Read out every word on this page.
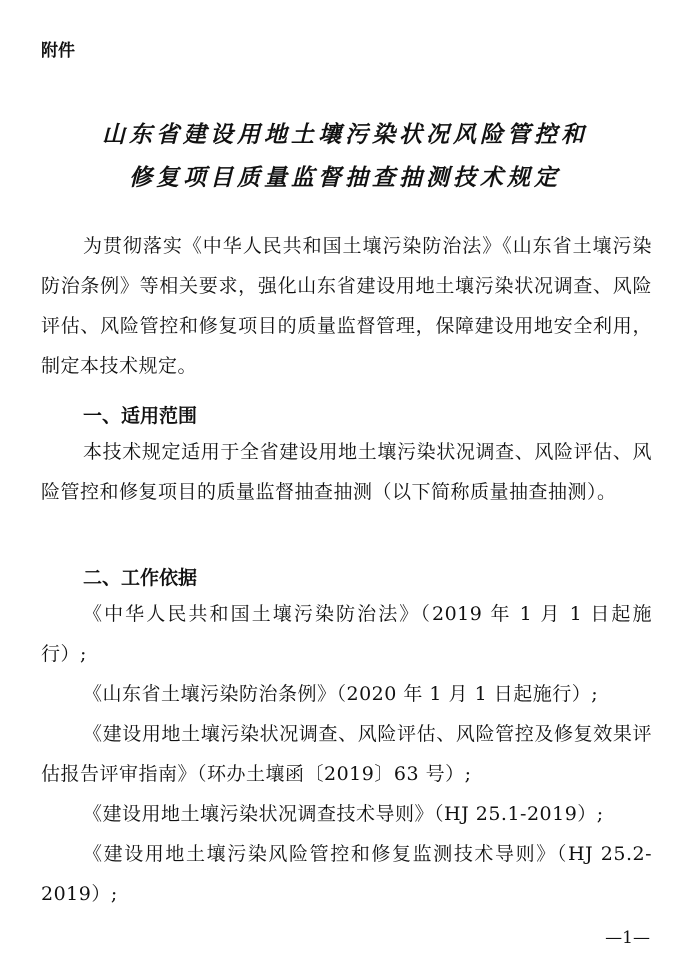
附件
山东省建设用地土壤污染状况风险管控和
修复项目质量监督抽查抽测技术规定

为贯彻落实《中华人民共和国土壤污染防治法》《山东省土壤污染防治条例》等相关要求，强化山东省建设用地土壤污染状况调查、风险评估、风险管控和修复项目的质量监督管理，保障建设用地安全利用，制定本技术规定。

一、适用范围

本技术规定适用于全省建设用地土壤污染状况调查、风险评估、风险管控和修复项目的质量监督抽查抽测（以下简称质量抽查抽测）。

二、工作依据

《中华人民共和国土壤污染防治法》（2019 年 1 月 1 日起施行）;

《山东省土壤污染防治条例》（2020 年 1 月 1 日起施行）;

《建设用地土壤污染状况调查、风险评估、风险管控及修复效果评估报告评审指南》（环办土壤函〔2019〕63 号）;

《建设用地土壤污染状况调查技术导则》（HJ 25.1-2019）;

《建设用地土壤污染风险管控和修复监测技术导则》（HJ 25.2-2019）;

—1—
